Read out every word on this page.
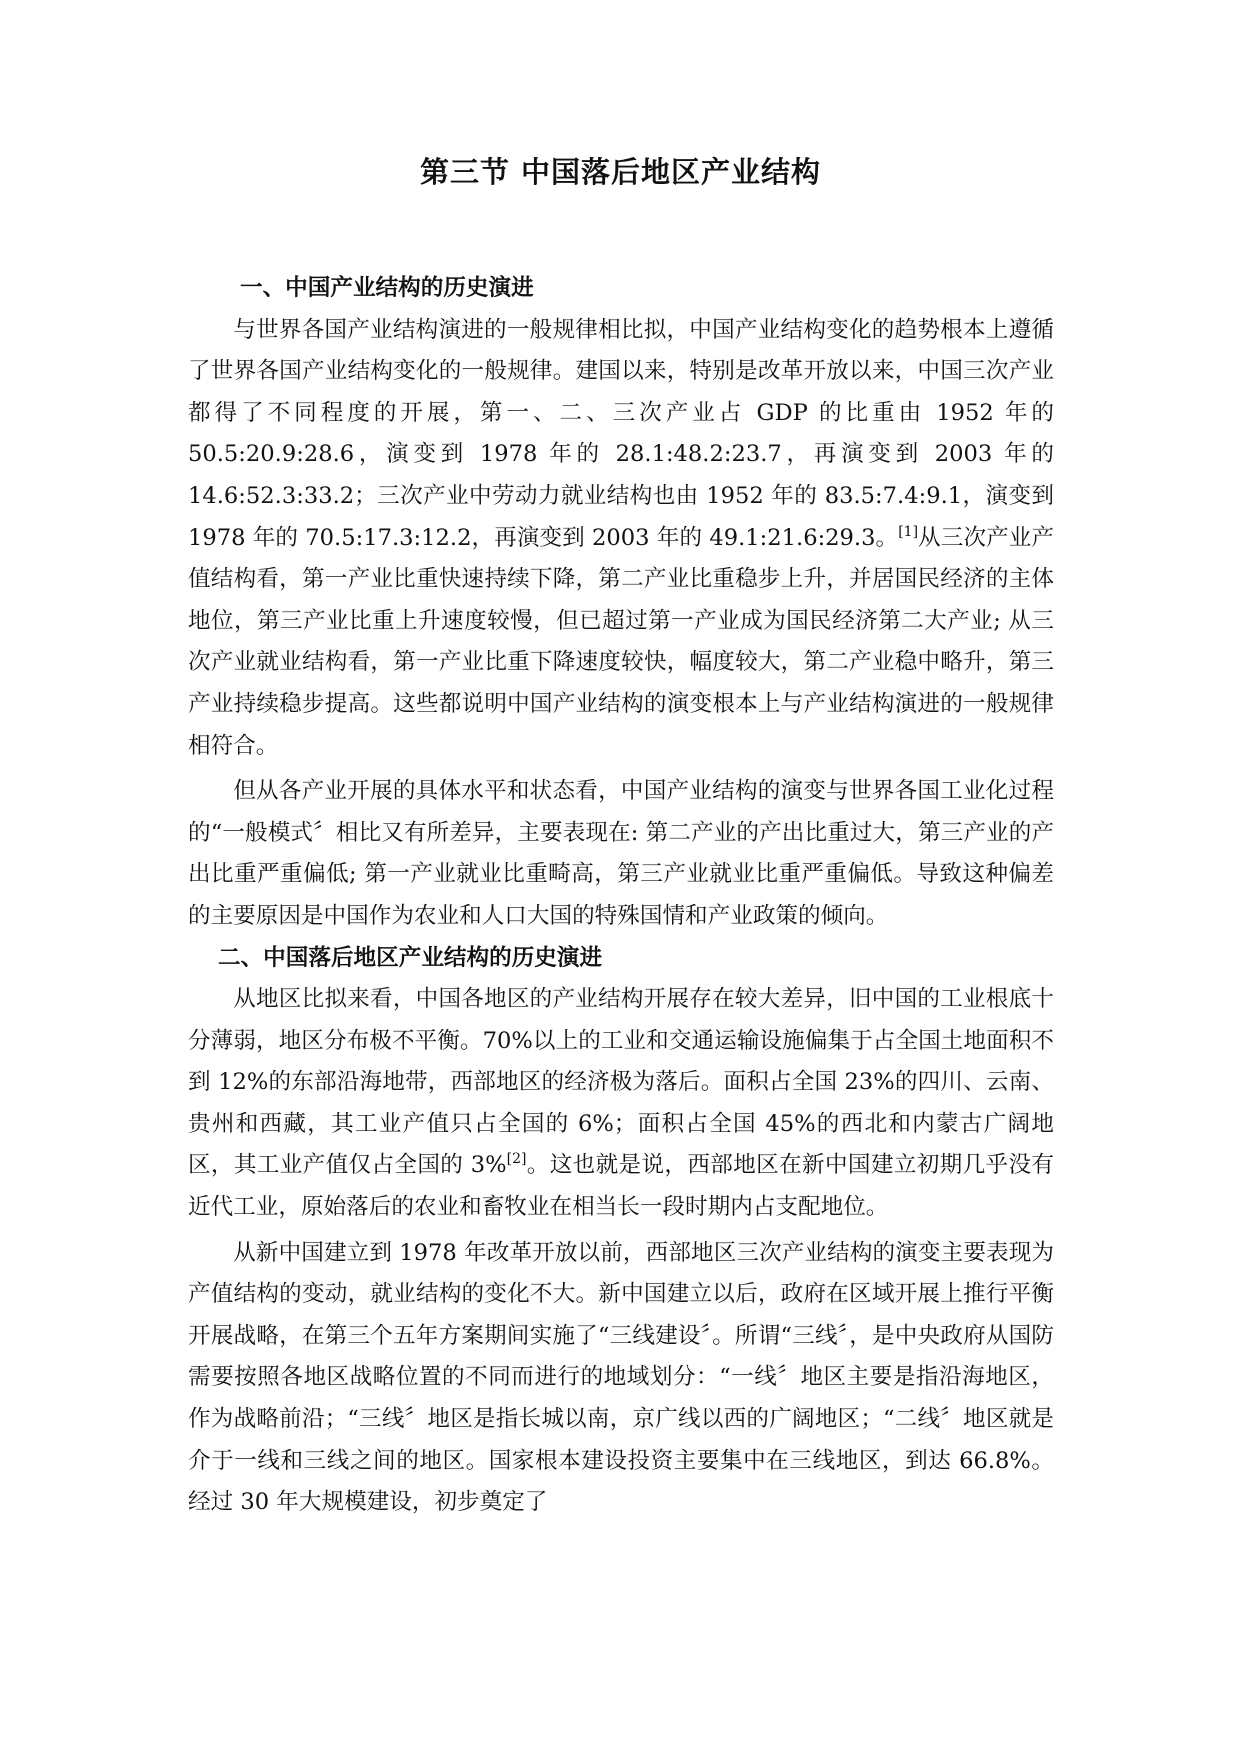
第三节 中国落后地区产业结构

一、中国产业结构的历史演进

与世界各国产业结构演进的一般规律相比拟，中国产业结构变化的趋势根本上遵循了世界各国产业结构变化的一般规律。建国以来，特别是改革开放以来，中国三次产业都得了不同程度的开展，第一、二、三次产业占 GDP 的比重由 1952 年的 50.5:20.9:28.6，演变到 1978 年的 28.1:48.2:23.7，再演变到 2003 年的 14.6:52.3:33.2；三次产业中劳动力就业结构也由 1952 年的 83.5:7.4:9.1，演变到 1978 年的 70.5:17.3:12.2，再演变到 2003 年的 49.1:21.6:29.3。[1]从三次产业产值结构看，第一产业比重快速持续下降，第二产业比重稳步上升，并居国民经济的主体地位，第三产业比重上升速度较慢，但已超过第一产业成为国民经济第二大产业; 从三次产业就业结构看，第一产业比重下降速度较快，幅度较大，第二产业稳中略升，第三产业持续稳步提高。这些都说明中国产业结构的演变根本上与产业结构演进的一般规律相符合。

但从各产业开展的具体水平和状态看，中国产业结构的演变与世界各国工业化过程的“一般模式〞相比又有所差异，主要表现在: 第二产业的产出比重过大，第三产业的产出比重严重偏低; 第一产业就业比重畸高，第三产业就业比重严重偏低。导致这种偏差的主要原因是中国作为农业和人口大国的特殊国情和产业政策的倾向。

二、中国落后地区产业结构的历史演进

从地区比拟来看，中国各地区的产业结构开展存在较大差异，旧中国的工业根底十分薄弱，地区分布极不平衡。70%以上的工业和交通运输设施偏集于占全国土地面积不到 12%的东部沿海地带，西部地区的经济极为落后。面积占全国 23%的四川、云南、贵州和西藏，其工业产值只占全国的 6%；面积占全国 45%的西北和内蒙古广阔地区，其工业产值仅占全国的 3%[2]。这也就是说，西部地区在新中国建立初期几乎没有近代工业，原始落后的农业和畜牧业在相当长一段时期内占支配地位。

从新中国建立到 1978 年改革开放以前，西部地区三次产业结构的演变主要表现为产值结构的变动，就业结构的变化不大。新中国建立以后，政府在区域开展上推行平衡开展战略，在第三个五年方案期间实施了“三线建设〞。所谓“三线〞，是中央政府从国防需要按照各地区战略位置的不同而进行的地域划分：“一线〞地区主要是指沿海地区，作为战略前沿；“三线〞地区是指长城以南，京广线以西的广阔地区；“二线〞地区就是介于一线和三线之间的地区。国家根本建设投资主要集中在三线地区，到达 66.8%。经过 30 年大规模建设，初步奠定了
